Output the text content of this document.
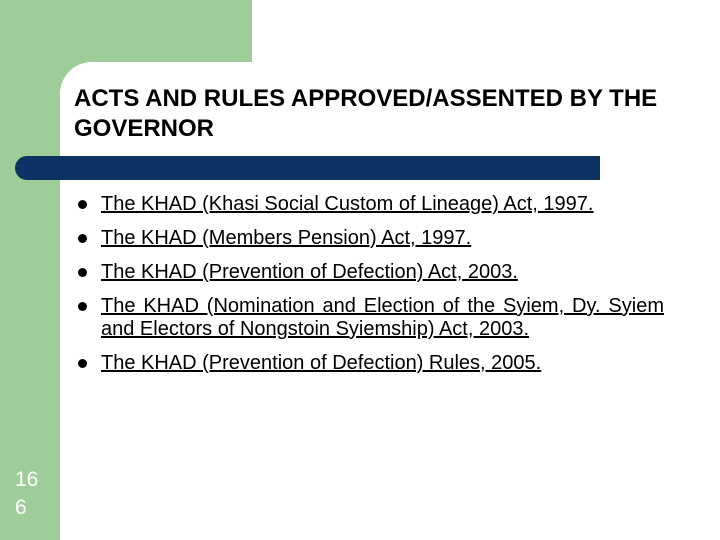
ACTS AND RULES APPROVED/ASSENTED BY THE GOVERNOR
The KHAD (Khasi Social Custom of Lineage) Act, 1997.
The KHAD (Members Pension) Act, 1997.
The KHAD (Prevention of Defection) Act, 2003.
The KHAD (Nomination and Election of the Syiem, Dy. Syiem and Electors of Nongstoin Syiemship) Act, 2003.
The KHAD (Prevention of Defection) Rules, 2005.
16
6
